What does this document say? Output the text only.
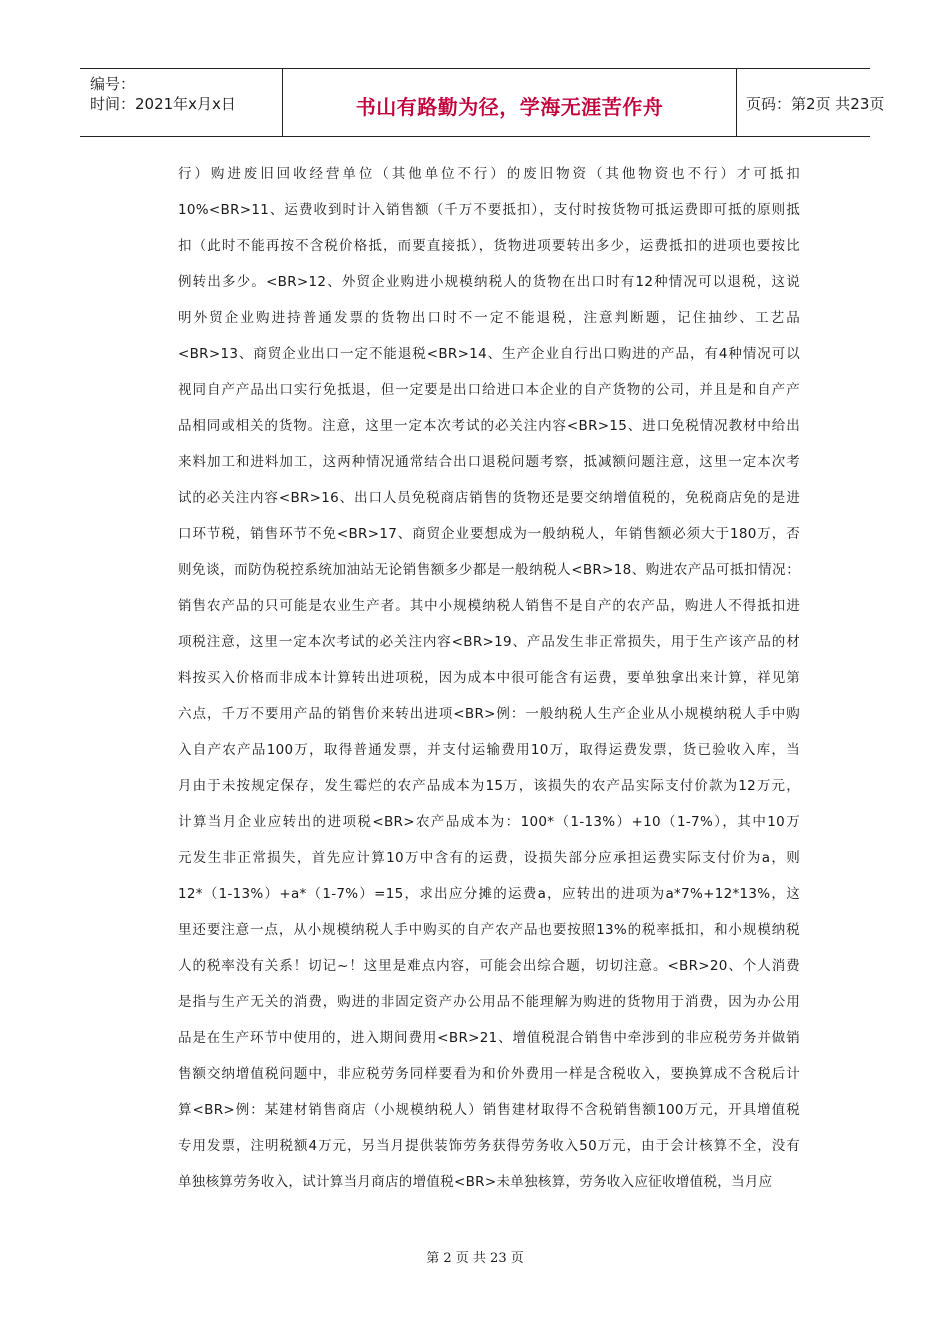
编号：
时间：2021年x月x日	书山有路勤为径，学海无涯苦作舟	页码：第2页 共23页
行）购进废旧回收经营单位（其他单位不行）的废旧物资（其他物资也不行）才可抵扣
10%<BR>11、运费收到时计入销售额（千万不要抵扣），支付时按货物可抵运费即可抵的原则抵
扣（此时不能再按不含税价格抵，而要直接抵），货物进项要转出多少，运费抵扣的进项也要按比
例转出多少。<BR>12、外贸企业购进小规模纳税人的货物在出口时有12种情况可以退税，这说
明外贸企业购进持普通发票的货物出口时不一定不能退税，注意判断题，记住抽纱、工艺品
<BR>13、商贸企业出口一定不能退税<BR>14、生产企业自行出口购进的产品，有4种情况可以
视同自产产品出口实行免抵退，但一定要是出口给进口本企业的自产货物的公司，并且是和自产产
品相同或相关的货物。注意，这里一定本次考试的必关注内容<BR>15、进口免税情况教材中给出
来料加工和进料加工，这两种情况通常结合出口退税问题考察，抵减额问题注意，这里一定本次考
试的必关注内容<BR>16、出口人员免税商店销售的货物还是要交纳增值税的，免税商店免的是进
口环节税，销售环节不免<BR>17、商贸企业要想成为一般纳税人，年销售额必须大于180万，否
则免谈，而防伪税控系统加油站无论销售额多少都是一般纳税人<BR>18、购进农产品可抵扣情况：
销售农产品的只可能是农业生产者。其中小规模纳税人销售不是自产的农产品，购进人不得抵扣进
项税注意，这里一定本次考试的必关注内容<BR>19、产品发生非正常损失，用于生产该产品的材
料按买入价格而非成本计算转出进项税，因为成本中很可能含有运费，要单独拿出来计算，祥见第
六点，千万不要用产品的销售价来转出进项<BR>例：一般纳税人生产企业从小规模纳税人手中购
入自产农产品100万，取得普通发票，并支付运输费用10万，取得运费发票，货已验收入库，当
月由于未按规定保存，发生霉烂的农产品成本为15万，该损失的农产品实际支付价款为12万元，
计算当月企业应转出的进项税<BR>农产品成本为：100*（1-13%）+10（1-7%），其中10万
元发生非正常损失，首先应计算10万中含有的运费，设损失部分应承担运费实际支付价为a，则
12*（1-13%）+a*（1-7%）=15，求出应分摊的运费a，应转出的进项为a*7%+12*13%，这
里还要注意一点，从小规模纳税人手中购买的自产农产品也要按照13%的税率抵扣，和小规模纳税
人的税率没有关系！切记~！这里是难点内容，可能会出综合题，切切注意。<BR>20、个人消费
是指与生产无关的消费，购进的非固定资产办公用品不能理解为购进的货物用于消费，因为办公用
品是在生产环节中使用的，进入期间费用<BR>21、增值税混合销售中牵涉到的非应税劳务并做销
售额交纳增值税问题中，非应税劳务同样要看为和价外费用一样是含税收入，要换算成不含税后计
算<BR>例：某建材销售商店（小规模纳税人）销售建材取得不含税销售额100万元，开具增值税
专用发票，注明税额4万元，另当月提供装饰劳务获得劳务收入50万元，由于会计核算不全，没有
单独核算劳务收入，试计算当月商店的增值税<BR>未单独核算，劳务收入应征收增值税，当月应
第 2 页 共 23 页
